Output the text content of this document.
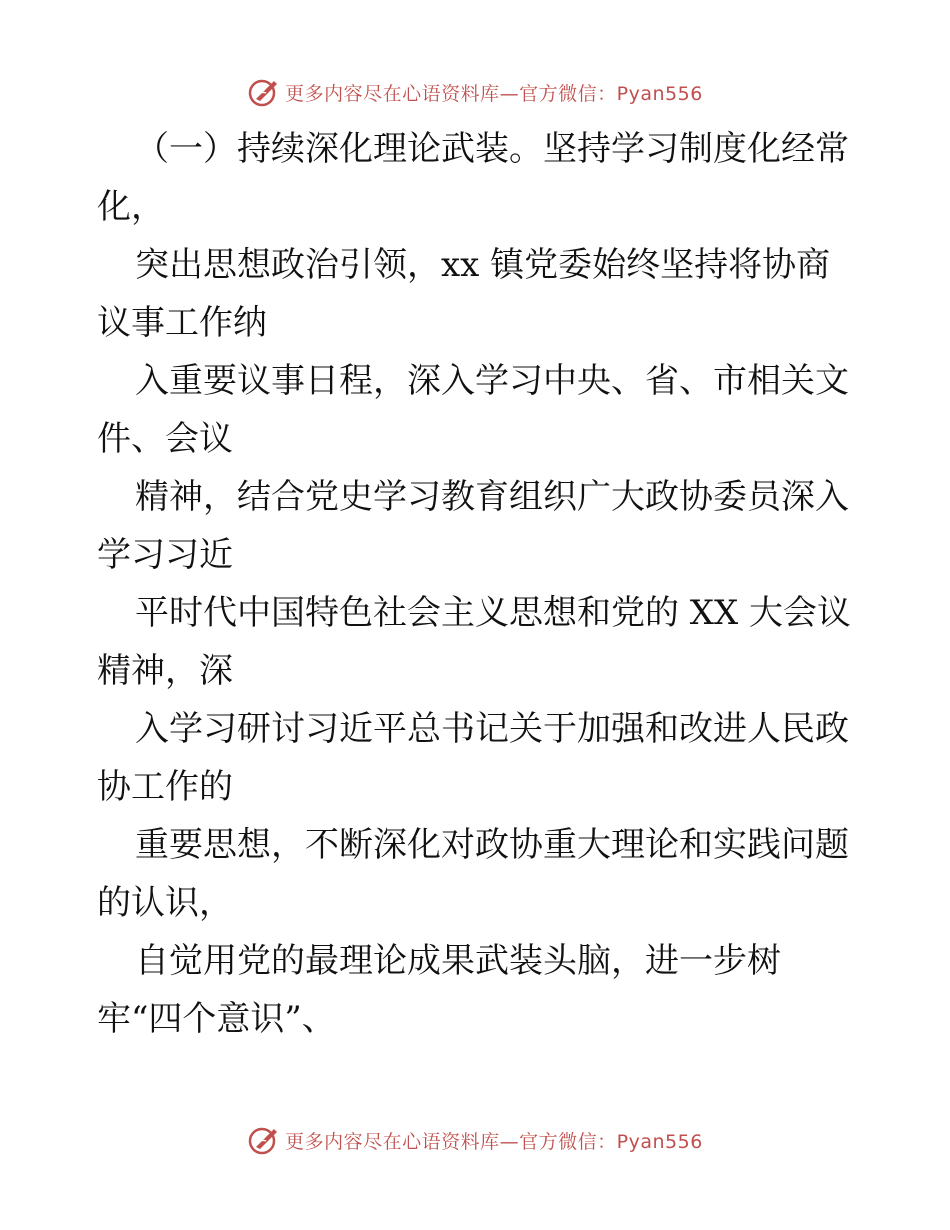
更多内容尽在心语资料库—官方微信：Pyan556

（一）持续深化理论武装。坚持学习制度化经常

化，

突出思想政治引领，xx 镇党委始终坚持将协商

议事工作纳

入重要议事日程，深入学习中央、省、市相关文

件、会议

精神，结合党史学习教育组织广大政协委员深入

学习习近

平时代中国特色社会主义思想和党的 XX 大会议

精神，深

入学习研讨习近平总书记关于加强和改进人民政

协工作的

重要思想，不断深化对政协重大理论和实践问题

的认识，

自觉用党的最理论成果武装头脑，进一步树

牢“四个意识”、

更多内容尽在心语资料库—官方微信：Pyan556
